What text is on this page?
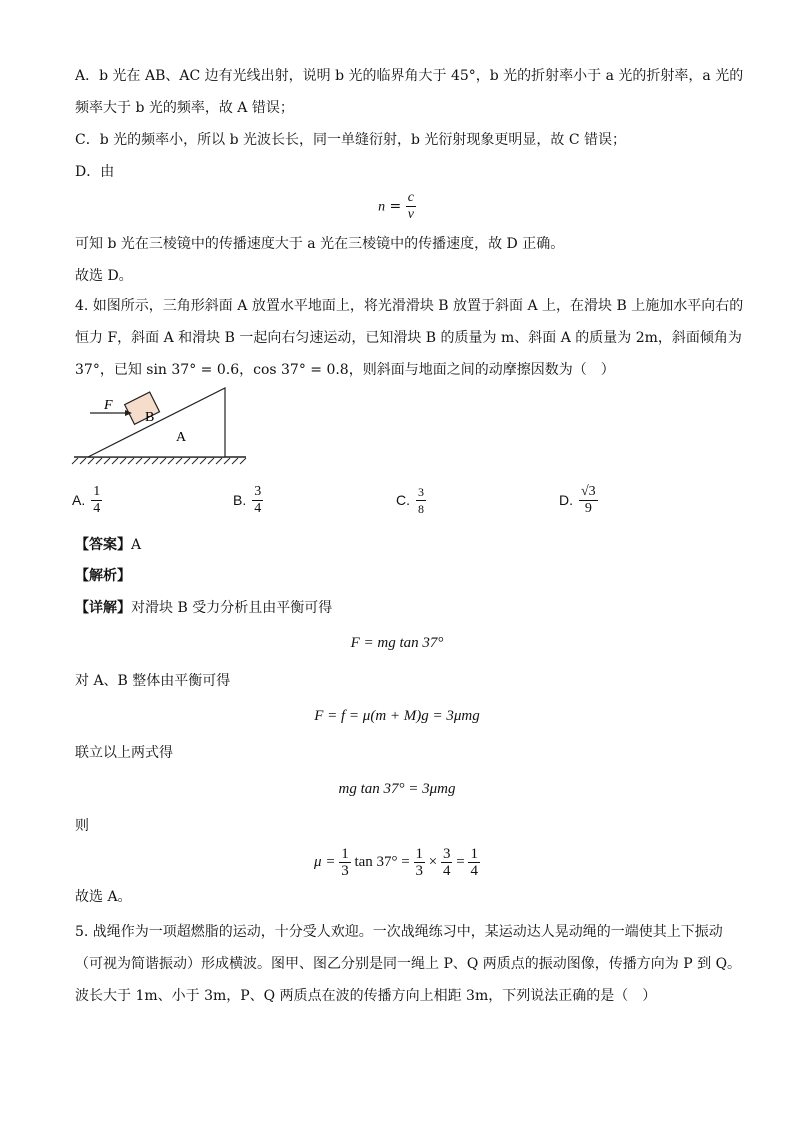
A．b 光在 AB、AC 边有光线出射，说明 b 光的临界角大于 45°，b 光的折射率小于 a 光的折射率，a 光的
频率大于 b 光的频率，故 A 错误；
C．b 光的频率小，所以 b 光波长长，同一单缝衍射，b 光衍射现象更明显，故 C 错误；
D．由
$n = \frac{c}{v}$
可知 b 光在三棱镜中的传播速度大于 a 光在三棱镜中的传播速度，故 D 正确。
故选 D。
4. 如图所示，三角形斜面 A 放置水平地面上，将光滑滑块 B 放置于斜面 A 上，在滑块 B 上施加水平向右的
恒力 F，斜面 A 和滑块 B 一起向右匀速运动，已知滑块 B 的质量为 m、斜面 A 的质量为 2m，斜面倾角为
37°，已知 sin 37° = 0.6，cos 37° = 0.8，则斜面与地面之间的动摩擦因数为（　）
B
A
F
A. $\frac{1}{4}$	B. $\frac{3}{4}$	C. $\frac{3}{8}$	D. $\frac{√3}{9}$
【答案】A
【解析】
【详解】对滑块 B 受力分析且由平衡可得
F = mg tan 37°
对 A、B 整体由平衡可得
F = f = μ(m + M)g = 3μmg
联立以上两式得
mg tan 37° = 3μmg
则
$\mu = \frac{1}{3}$ $\tan 37^\circ = \frac{1}{3} \times \frac{3}{4} = \frac{1}{4}$
故选 A。
5. 战绳作为一项超燃脂的运动，十分受人欢迎。一次战绳练习中，某运动达人晃动绳的一端使其上下振动
（可视为简谐振动）形成横波。图甲、图乙分别是同一绳上 P、Q 两质点的振动图像，传播方向为 P 到 Q。
波长大于 1m、小于 3m，P、Q 两质点在波的传播方向上相距 3m，下列说法正确的是（　）
